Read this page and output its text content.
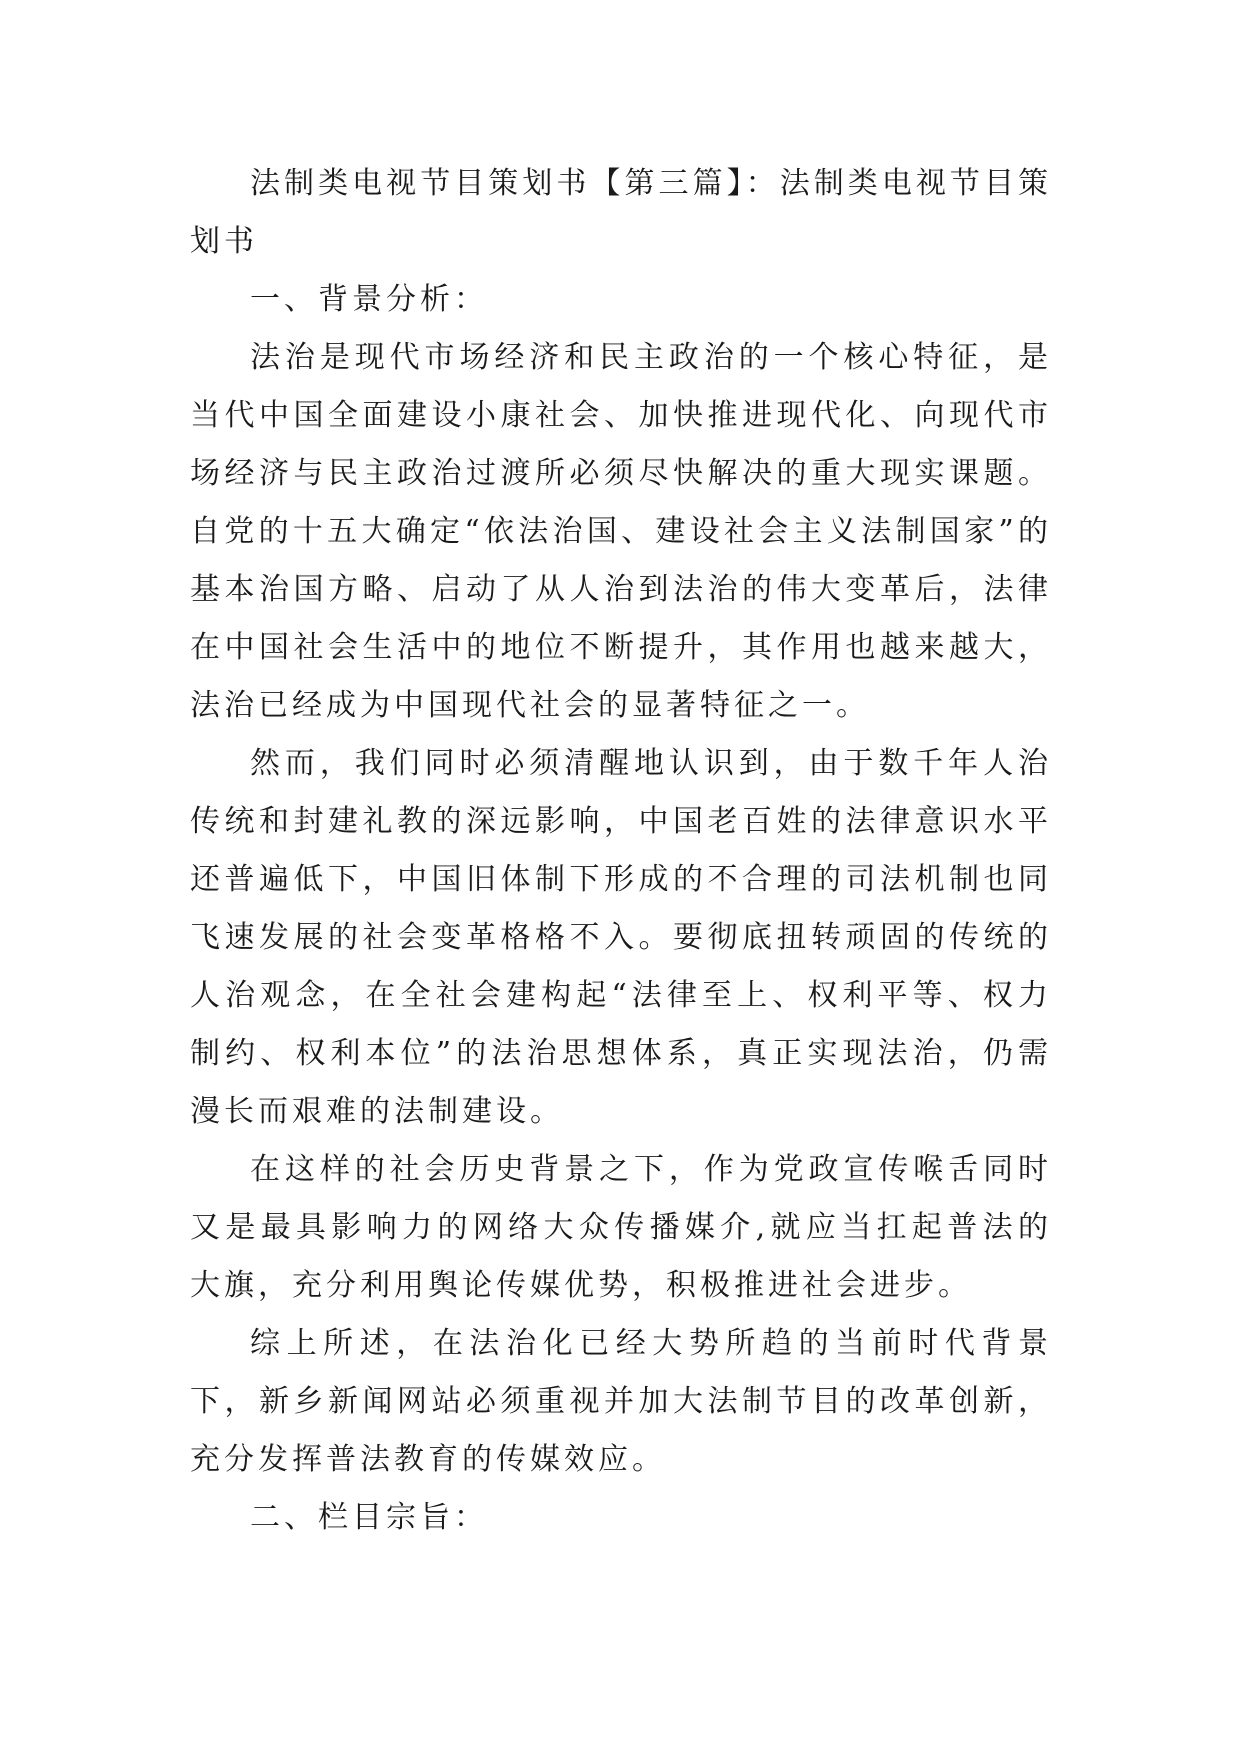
法制类电视节目策划书【第三篇】：法制类电视节目策划书

一、背景分析：

法治是现代市场经济和民主政治的一个核心特征，是当代中国全面建设小康社会、加快推进现代化、向现代市场经济与民主政治过渡所必须尽快解决的重大现实课题。自党的十五大确定“依法治国、建设社会主义法制国家”的基本治国方略、启动了从人治到法治的伟大变革后，法律在中国社会生活中的地位不断提升，其作用也越来越大，法治已经成为中国现代社会的显著特征之一。

然而，我们同时必须清醒地认识到，由于数千年人治传统和封建礼教的深远影响，中国老百姓的法律意识水平还普遍低下，中国旧体制下形成的不合理的司法机制也同飞速发展的社会变革格格不入。要彻底扭转顽固的传统的人治观念，在全社会建构起“法律至上、权利平等、权力制约、权利本位”的法治思想体系，真正实现法治，仍需漫长而艰难的法制建设。

在这样的社会历史背景之下，作为党政宣传喉舌同时又是最具影响力的网络大众传播媒介,就应当扛起普法的大旗，充分利用舆论传媒优势，积极推进社会进步。

综上所述，在法治化已经大势所趋的当前时代背景下，新乡新闻网站必须重视并加大法制节目的改革创新，充分发挥普法教育的传媒效应。

二、栏目宗旨：
